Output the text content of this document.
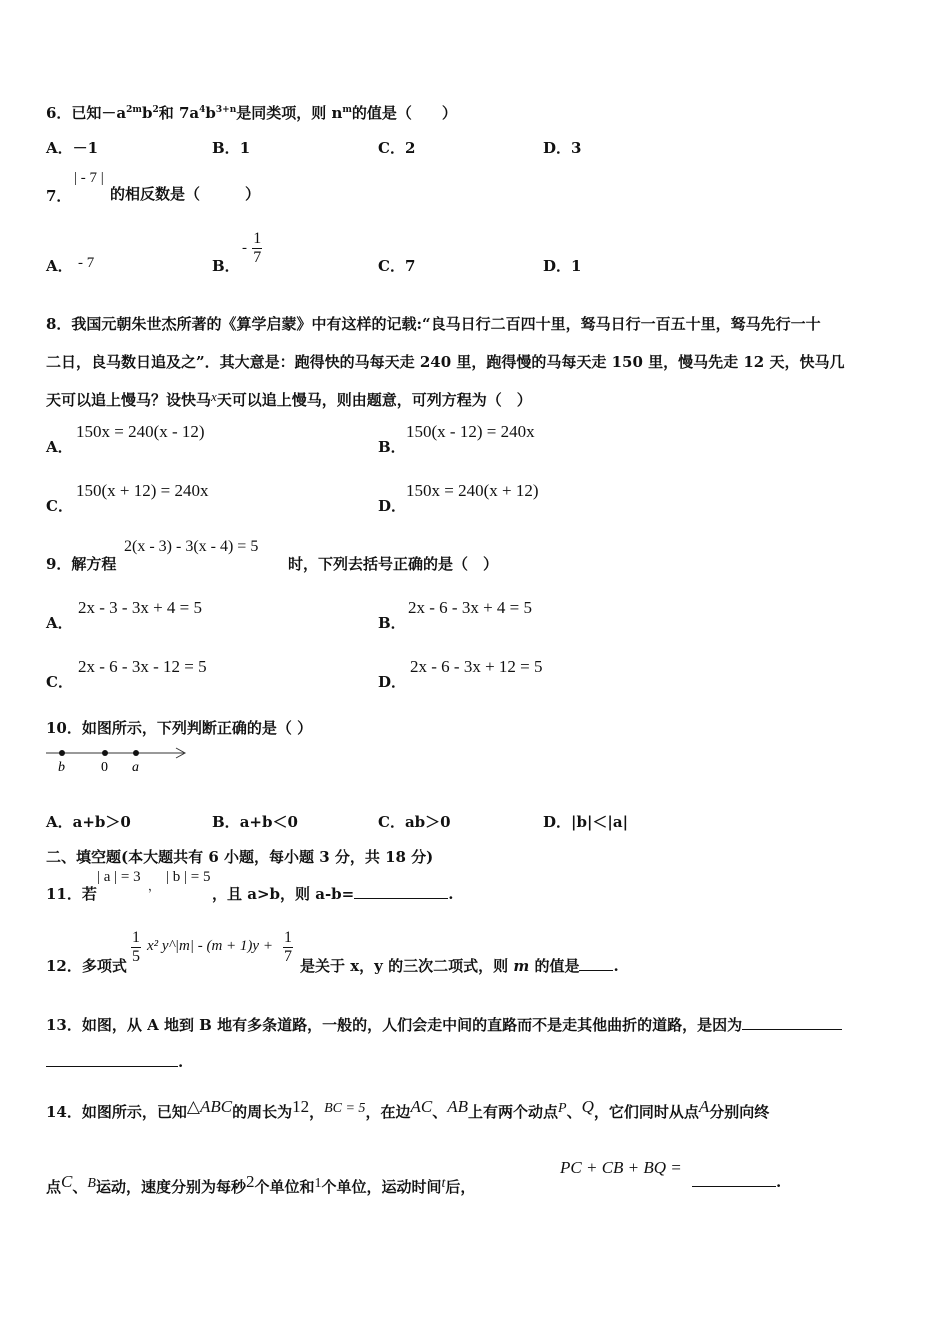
6．已知$-a^{2m}b^2$和 $7a^4b^{3+n}$是同类项，则 $n^m$的值是（　　）
A．－1	B．1	C．2	D．3
7．
| - 7 |
的相反数是（　　　）
A． - 7	B．
- $\frac{1}{7}$	C．7	D．1
8．我国元朝朱世杰所著的《算学启蒙》中有这样的记载:“良马日行二百四十里，驽马日行一百五十里，驽马先行一十
二日，良马数日追及之”．其大意是：跑得快的马每天走 240 里，跑得慢的马每天走 150 里，慢马先走 12 天，快马几
天可以追上慢马？设快马x天可以追上慢马，则由题意，可列方程为（　）
A．
150x = 240(x - 12)
B．
150(x - 12) = 240x
C．
150(x + 12) = 240x
D．
150x = 240(x + 12)
9．解方程
2(x - 3) - 3(x - 4) = 5
时，下列去括号正确的是（　）
A．
2x - 3 - 3x + 4 = 5
B．
2x - 6 - 3x + 4 = 5
C．
2x - 6 - 3x - 12 = 5
D．
2x - 6 - 3x + 12 = 5
10．如图所示，下列判断正确的是（ ）
b	0 a
A．a+b＞0	B．a+b＜0	C．ab＞0	D．|b|＜|a|
二、填空题(本大题共有 6 小题，每小题 3 分，共 18 分)
11．若
| a | = 3
，
| b | = 5
，且 a>b，则 a-b=	.
12．多项式 $\frac{1}{5} x^2$ y^|m| - $(m + 1)y + \frac{1}{7}$ 是关于 x，y 的三次二项式，则 m 的值是 .
13．如图，从 A 地到 B 地有多条道路，一般的，人们会走中间的直路而不是走其他曲折的道路，是因为
.
14．如图所示，已知△ABC的周长为12，BC = 5，在边AC、AB上有两个动点P、Q，它们同时从点A分别向终
点C、B运动，速度分别为每秒2个单位和1个单位，运动时间t后，
PC + CB + BQ =
.
